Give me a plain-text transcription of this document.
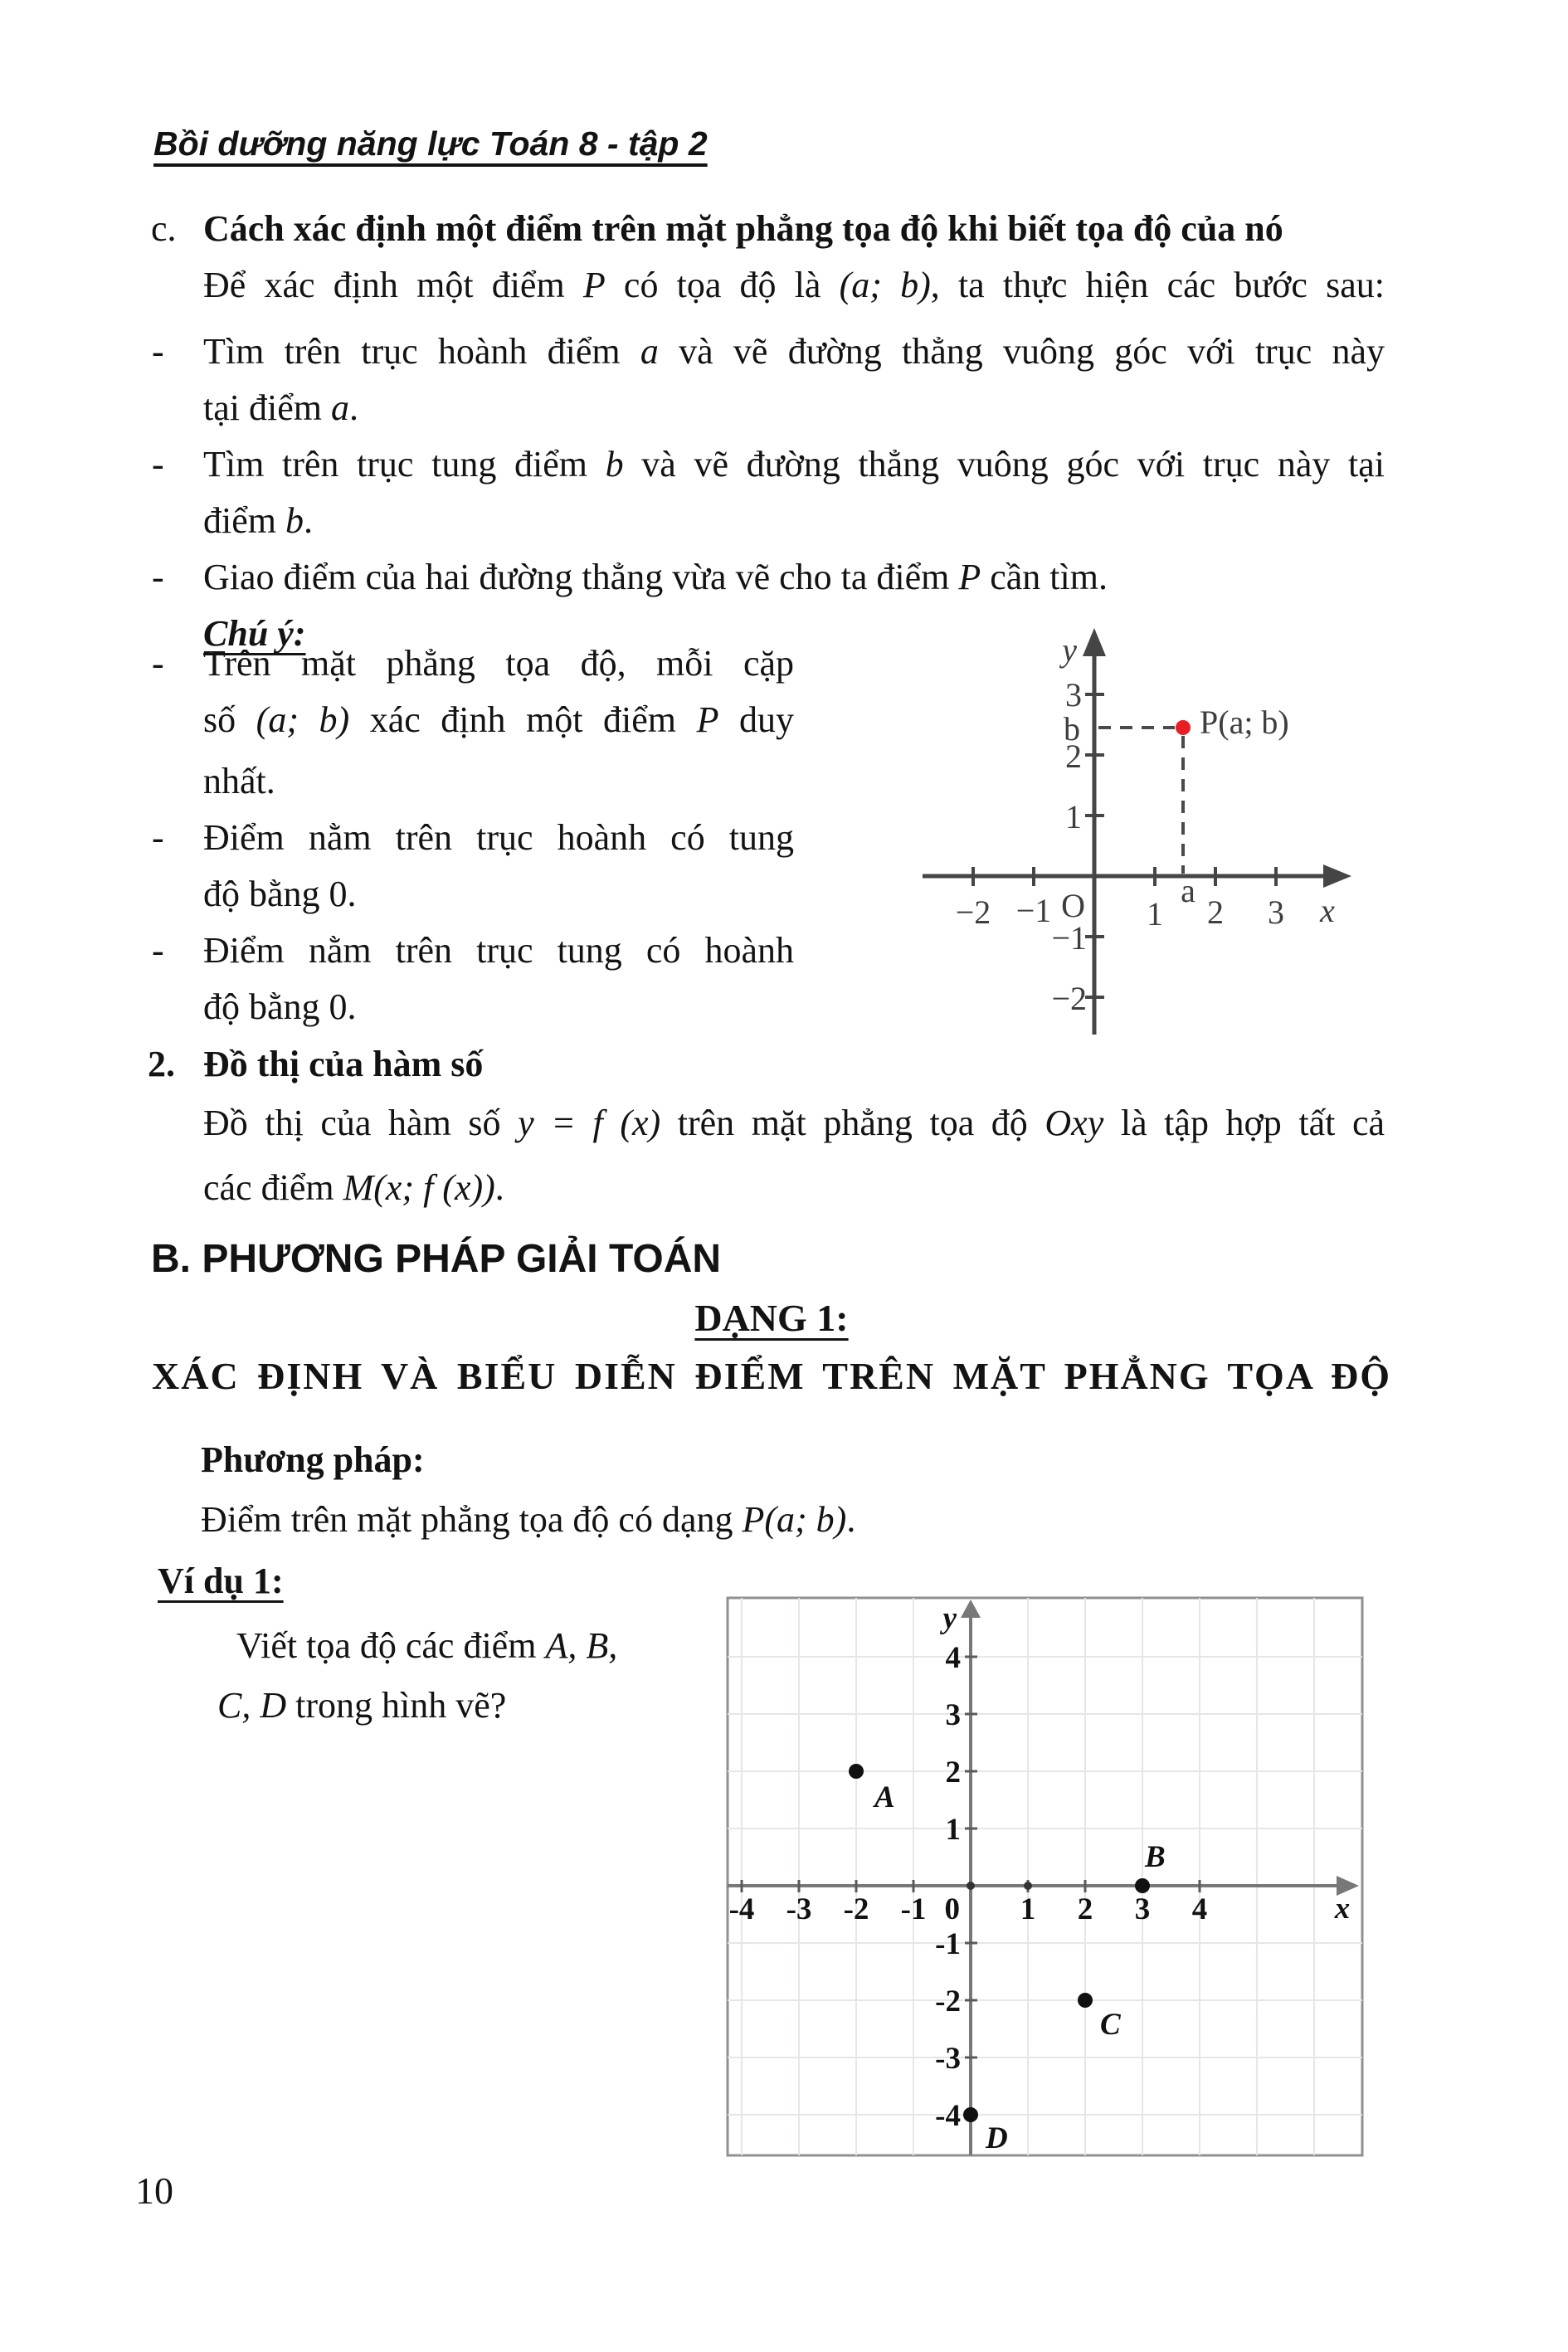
Bồi dưỡng năng lực Toán 8 - tập 2
c. Cách xác định một điểm trên mặt phẳng tọa độ khi biết tọa độ của nó
Để xác định một điểm P có tọa độ là (a; b), ta thực hiện các bước sau:
- Tìm trên trục hoành điểm a và vẽ đường thẳng vuông góc với trục này
tại điểm a.
- Tìm trên trục tung điểm b và vẽ đường thẳng vuông góc với trục này tại
điểm b.
- Giao điểm của hai đường thẳng vừa vẽ cho ta điểm P cần tìm.
Chú ý:
- Trên mặt phẳng tọa độ, mỗi cặp
số (a; b) xác định một điểm P duy
nhất.
- Điểm nằm trên trục hoành có tung
độ bằng 0.
- Điểm nằm trên trục tung có hoành
độ bằng 0.
y
3
b
2
1
O
−1
−2
−2 −1	1
a
2 3 x
P(a; b)
2. Đồ thị của hàm số
Đồ thị của hàm số y = f (x) trên mặt phẳng tọa độ Oxy là tập hợp tất cả
các điểm M(x; f (x)).
B. PHƯƠNG PHÁP GIẢI TOÁN
DẠNG 1:
XÁC ĐỊNH VÀ BIỂU DIỄN ĐIỂM TRÊN MẶT PHẲNG TỌA ĐỘ
Phương pháp:
Điểm trên mặt phẳng tọa độ có dạng P(a; b).
Ví dụ 1:
Viết tọa độ các điểm A, B,
C, D trong hình vẽ?
-4 -3 -2 -1 0 1 2 3 4
4
3
2
1
-1
-2
-3
-4
y
x
A
B
C
D
10
